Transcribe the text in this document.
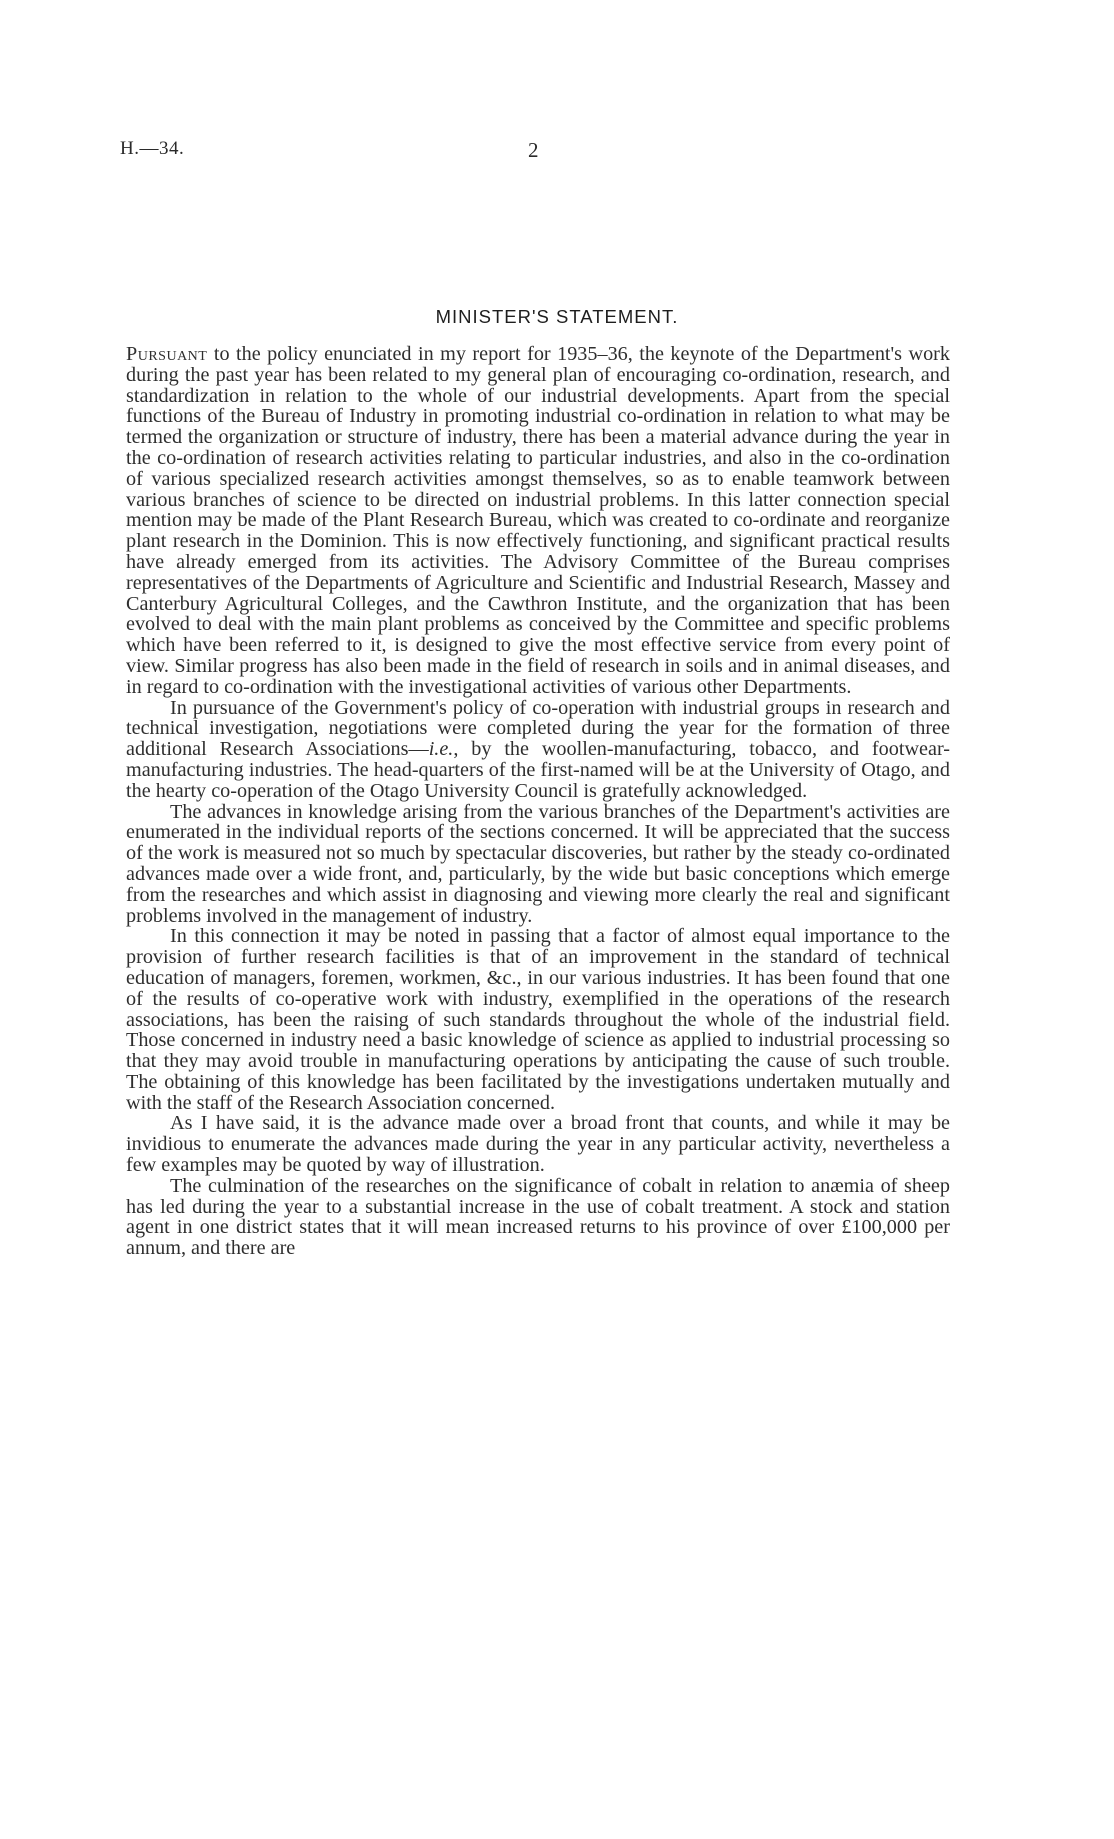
H.—34.	2
MINISTER'S STATEMENT.

Pursuant to the policy enunciated in my report for 1935–36, the keynote of the Department's work during the past year has been related to my general plan of encouraging co-ordination, research, and standardization in relation to the whole of our industrial developments. Apart from the special functions of the Bureau of Industry in promoting industrial co-ordination in relation to what may be termed the organization or structure of industry, there has been a material advance during the year in the co-ordination of research activities relating to particular industries, and also in the co-ordination of various specialized research activities amongst themselves, so as to enable teamwork between various branches of science to be directed on industrial problems. In this latter connection special mention may be made of the Plant Research Bureau, which was created to co-ordinate and reorganize plant research in the Dominion. This is now effectively functioning, and significant practical results have already emerged from its activities. The Advisory Committee of the Bureau comprises representatives of the Departments of Agriculture and Scientific and Industrial Research, Massey and Canterbury Agricultural Colleges, and the Cawthron Institute, and the organization that has been evolved to deal with the main plant problems as conceived by the Committee and specific problems which have been referred to it, is designed to give the most effective service from every point of view. Similar progress has also been made in the field of research in soils and in animal diseases, and in regard to co-ordination with the investigational activities of various other Departments.

In pursuance of the Government's policy of co-operation with industrial groups in research and technical investigation, negotiations were completed during the year for the formation of three additional Research Associations—i.e., by the woollen-manufacturing, tobacco, and footwear-manufacturing industries. The head-quarters of the first-named will be at the University of Otago, and the hearty co-operation of the Otago University Council is gratefully acknowledged.

The advances in knowledge arising from the various branches of the Department's activities are enumerated in the individual reports of the sections concerned. It will be appreciated that the success of the work is measured not so much by spectacular discoveries, but rather by the steady co-ordinated advances made over a wide front, and, particularly, by the wide but basic conceptions which emerge from the researches and which assist in diagnosing and viewing more clearly the real and significant problems involved in the management of industry.

In this connection it may be noted in passing that a factor of almost equal importance to the provision of further research facilities is that of an improvement in the standard of technical education of managers, foremen, workmen, &c., in our various industries. It has been found that one of the results of co-operative work with industry, exemplified in the operations of the research associations, has been the raising of such standards throughout the whole of the industrial field. Those concerned in industry need a basic knowledge of science as applied to industrial processing so that they may avoid trouble in manufacturing operations by anticipating the cause of such trouble. The obtaining of this knowledge has been facilitated by the investigations undertaken mutually and with the staff of the Research Association concerned.

As I have said, it is the advance made over a broad front that counts, and while it may be invidious to enumerate the advances made during the year in any particular activity, nevertheless a few examples may be quoted by way of illustration.

The culmination of the researches on the significance of cobalt in relation to anæmia of sheep has led during the year to a substantial increase in the use of cobalt treatment. A stock and station agent in one district states that it will mean increased returns to his province of over £100,000 per annum, and there are
